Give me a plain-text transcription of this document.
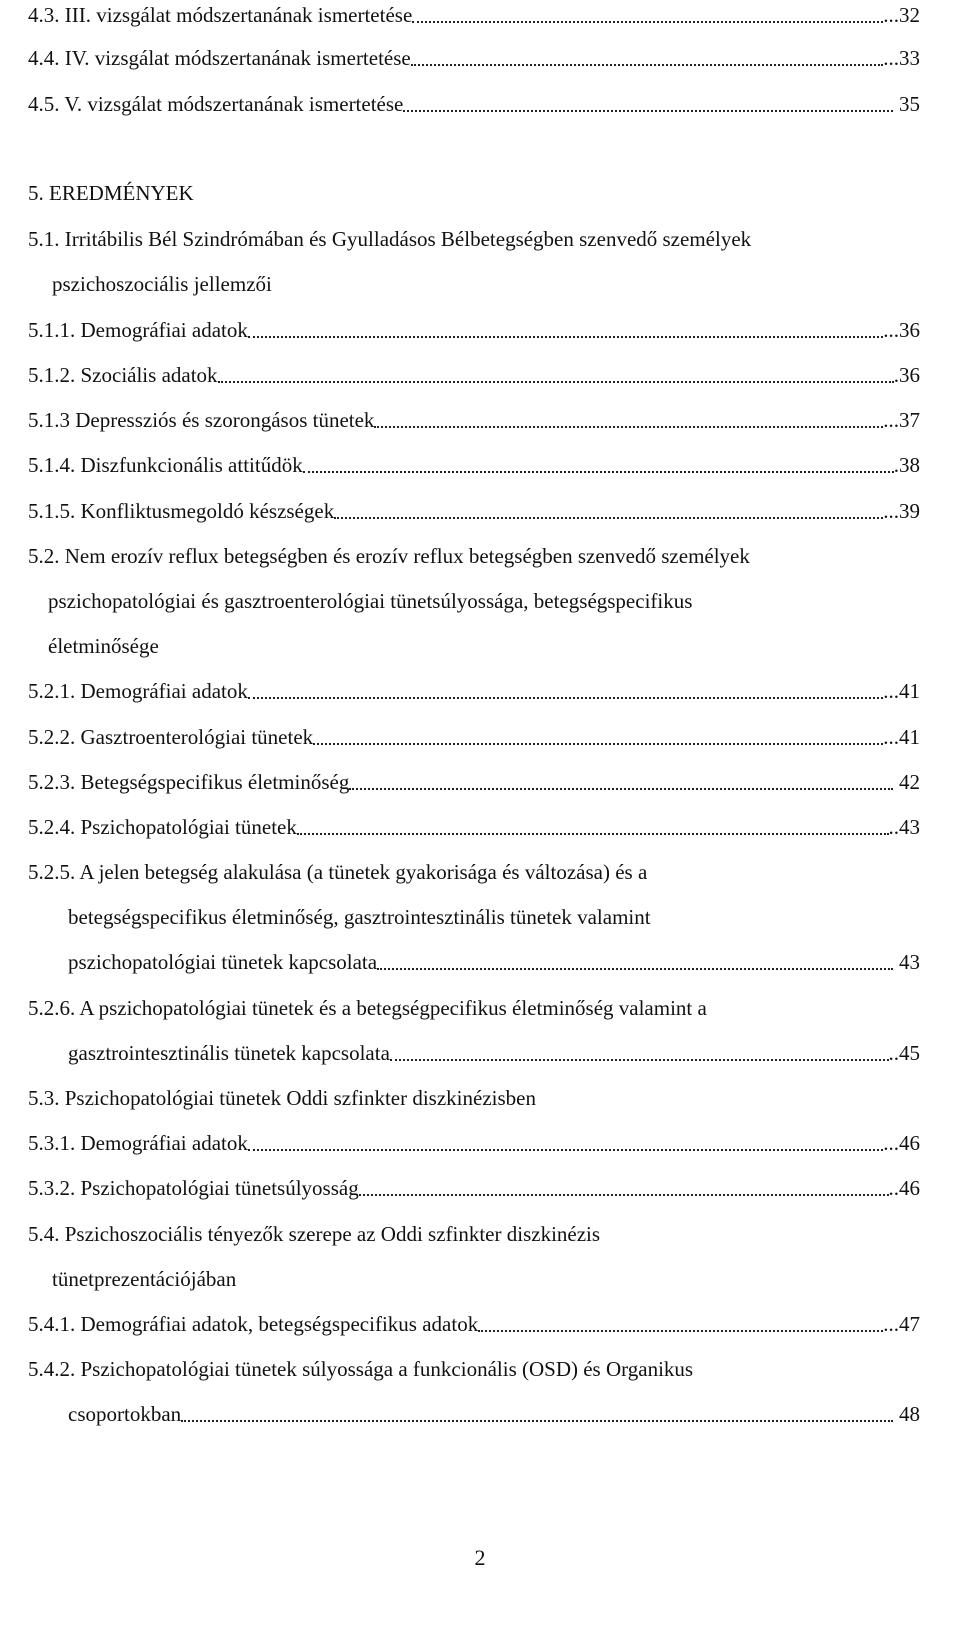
4.3. III. vizsgálat módszertanának ismertetése	...32
4.4. IV. vizsgálat módszertanának ismertetése	...33
4.5. V. vizsgálat módszertanának ismertetése	35
5. EREDMÉNYEK
5.1. Irritábilis Bél Szindrómában és Gyulladásos Bélbetegségben szenvedő személyek
pszichoszociális jellemzői
5.1.1. Demográfiai adatok	...36
5.1.2. Szociális adatok	.36
5.1.3 Depressziós és szorongásos tünetek	...37
5.1.4. Diszfunkcionális attitűdök	.38
5.1.5. Konfliktusmegoldó készségek	...39
5.2. Nem erozív reflux betegségben és erozív reflux betegségben szenvedő személyek
pszichopatológiai és gasztroenterológiai tünetsúlyossága, betegségspecifikus
életminősége
5.2.1. Demográfiai adatok	...41
5.2.2. Gasztroenterológiai tünetek	...41
5.2.3. Betegségspecifikus életminőség	42
5.2.4. Pszichopatológiai tünetek	..43
5.2.5. A jelen betegség alakulása (a tünetek gyakorisága és változása) és a
betegségspecifikus életminőség, gasztrointesztinális tünetek valamint
pszichopatológiai tünetek kapcsolata	43
5.2.6. A pszichopatológiai tünetek és a betegségpecifikus életminőség valamint a
gasztrointesztinális tünetek kapcsolata	..45
5.3. Pszichopatológiai tünetek Oddi szfinkter diszkinézisben
5.3.1. Demográfiai adatok	...46
5.3.2. Pszichopatológiai tünetsúlyosság	..46
5.4. Pszichoszociális tényezők szerepe az Oddi szfinkter diszkinézis
tünetprezentációjában
5.4.1. Demográfiai adatok, betegségspecifikus adatok	...47
5.4.2. Pszichopatológiai tünetek súlyossága a funkcionális (OSD) és Organikus
csoportokban	48
2
